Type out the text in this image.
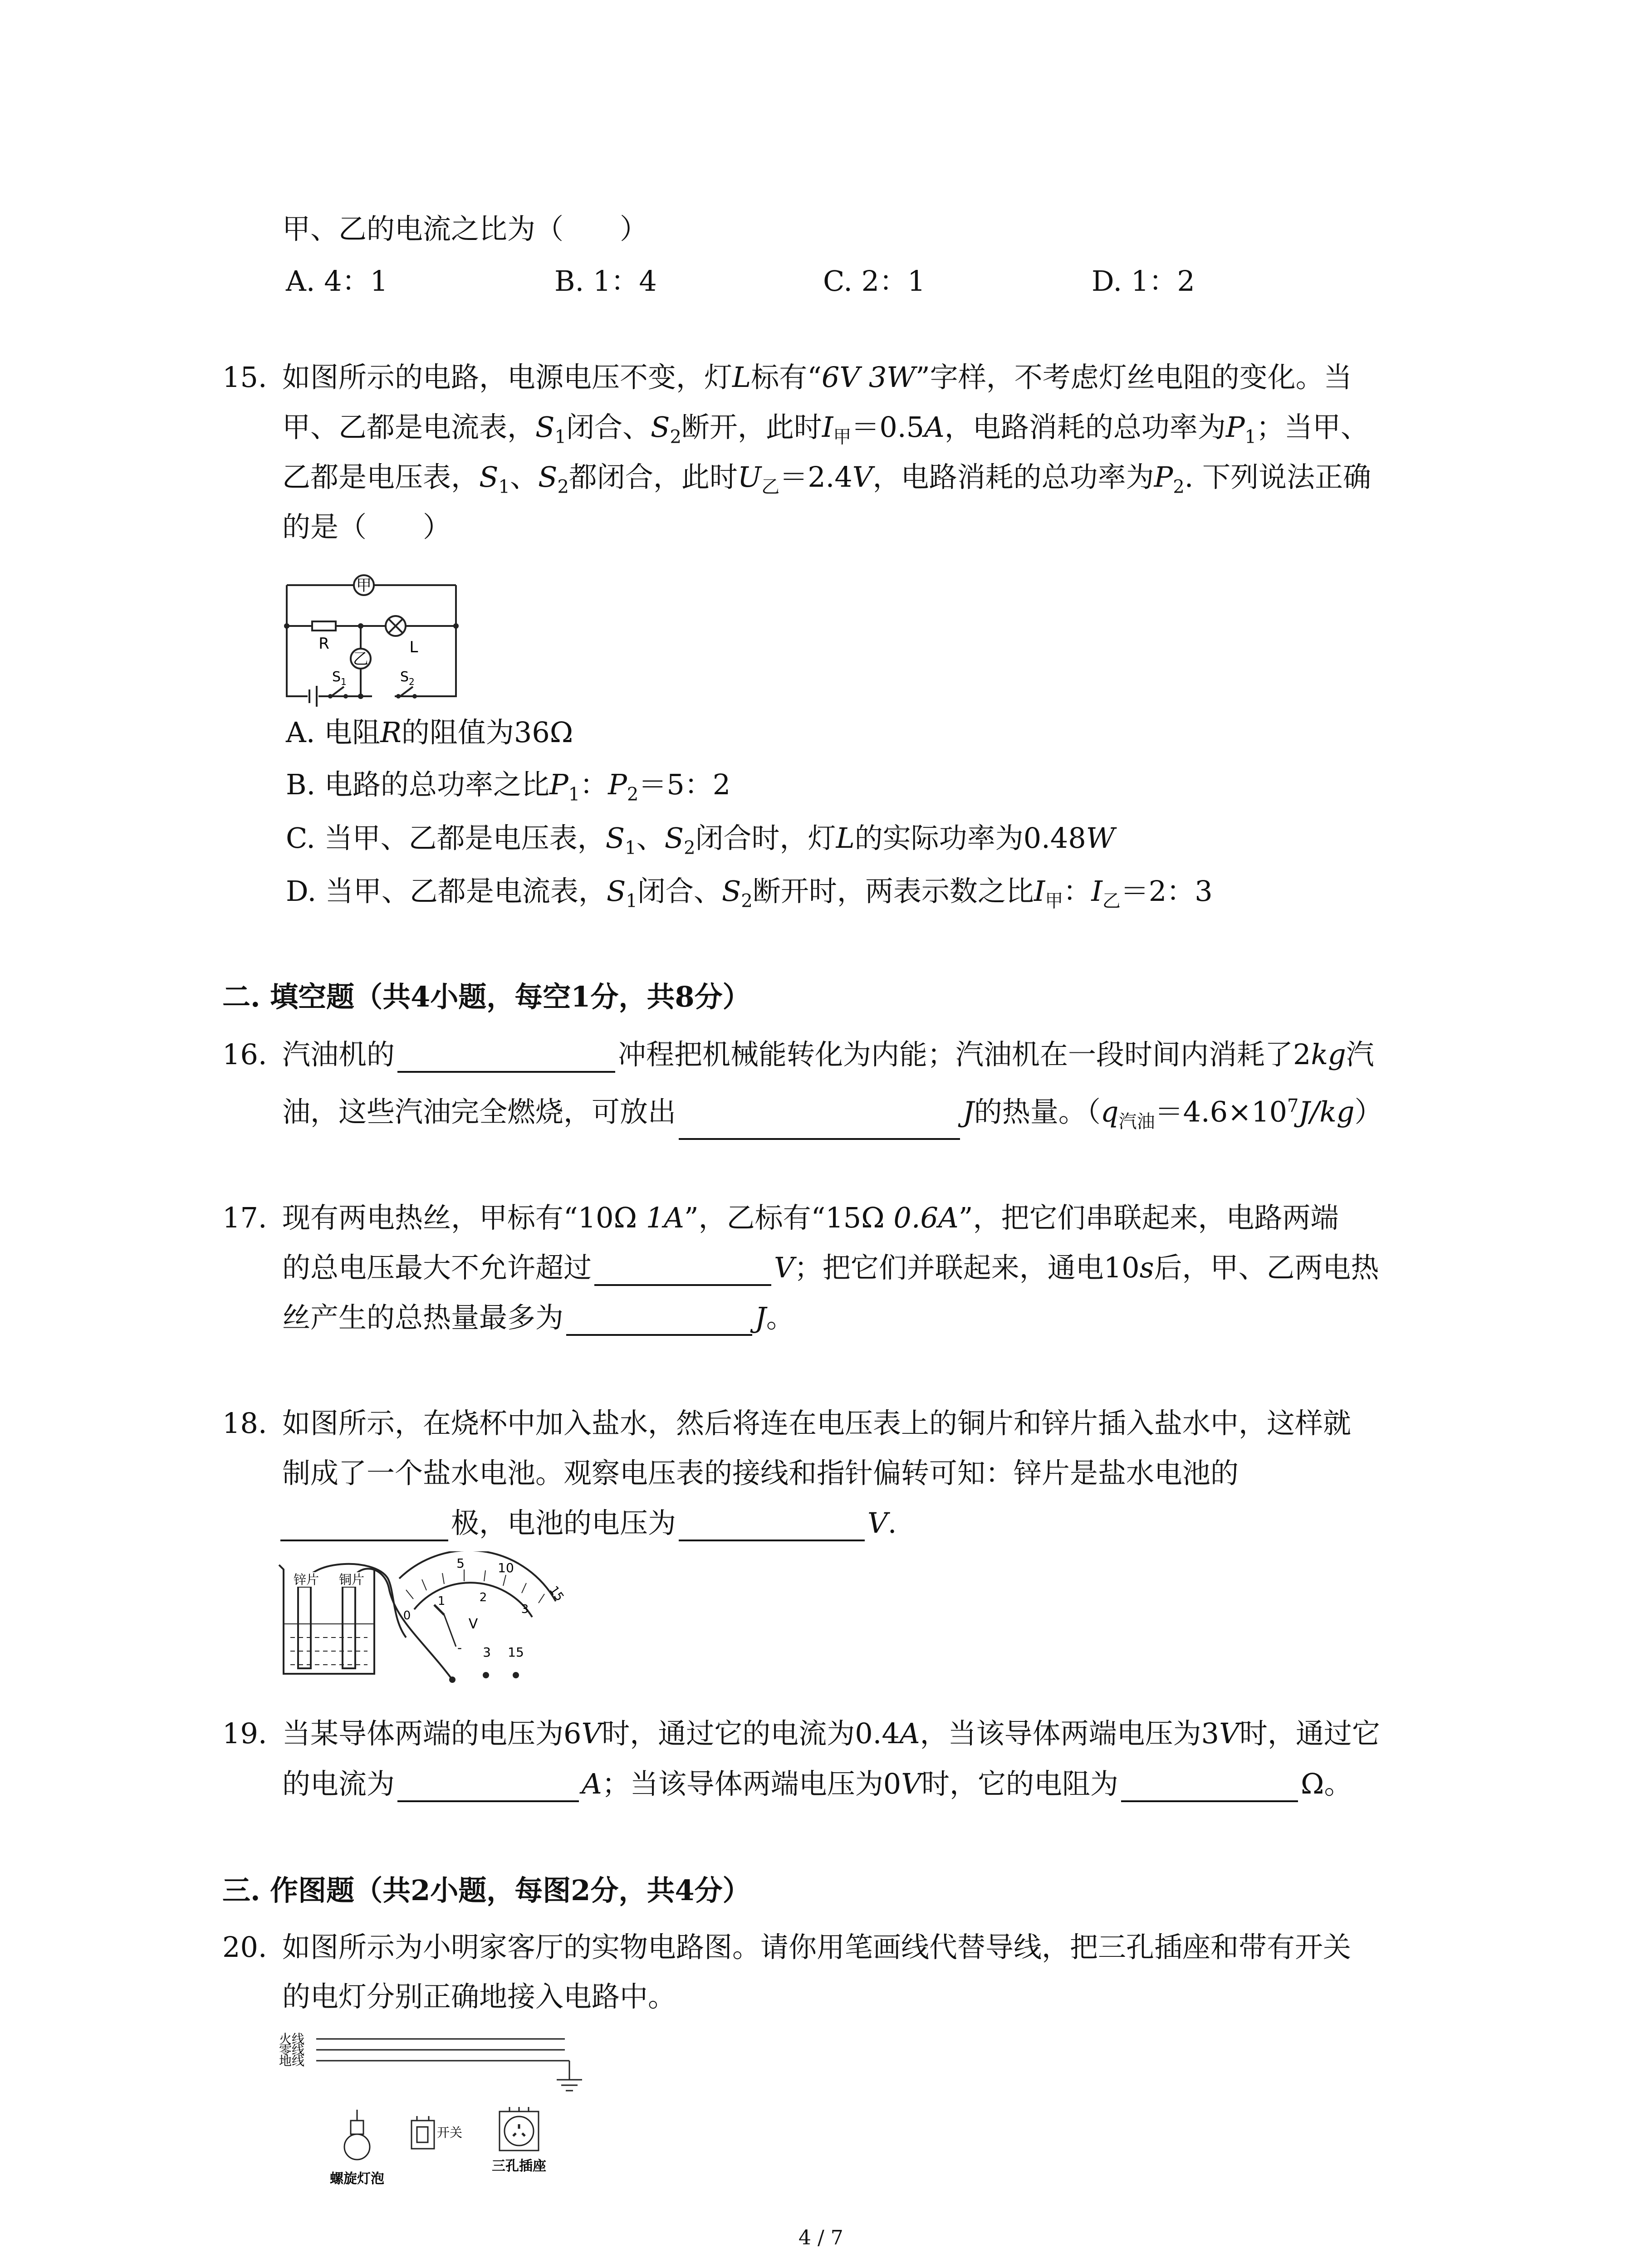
甲、乙的电流之比为（　　）
A. 4：1	B. 1：4	C. 2：1	D. 1：2
15. 如图所示的电路，电源电压不变，灯L标有“6V 3W”字样，不考虑灯丝电阻的变化。当
甲、乙都是电流表，$S_1$闭合、$S_2$断开，此时$I_甲=0.5A$，电路消耗的总功率为$P_1$；当甲、
乙都是电压表，$S_1$、$S_2$都闭合，此时$U_乙=2.4V$，电路消耗的总功率为$P_2$. 下列说法正确
的是（　　）
甲
乙
R	L
$S_1$	$S_2$
A. 电阻R的阻值为36Ω
B. 电路的总功率之比$P_1$：$P_2=5$：2
C. 当甲、乙都是电压表，$S_1$、$S_2$闭合时，灯L的实际功率为0.48W
D. 当甲、乙都是电流表，$S_1$闭合、$S_2$断开时，两表示数之比$I_甲$：$I_乙=2$：3
二. 填空题（共4小题，每空1分，共8分）
16. 汽油机的	冲程把机械能转化为内能；汽油机在一段时间内消耗了2kg汽
油，这些汽油完全燃烧，可放出	J的热量。$(q_{汽油}=4.6\times 10^7J/kg)$
17. 现有两电热丝，甲标有“10Ω 1A”，乙标有“15Ω 0.6A”，把它们串联起来，电路两端
的总电压最大不允许超过	V；把它们并联起来，通电10s后，甲、乙两电热
丝产生的总热量最多为	J。
18. 如图所示，在烧杯中加入盐水，然后将连在电压表上的铜片和锌片插入盐水中，这样就
制成了一个盐水电池。观察电压表的接线和指针偏转可知：锌片是盐水电池的
极，电池的电压为	V.
锌片 铜片
5	10
15
0
1	2
3
V
- 3 15
19. 当某导体两端的电压为6V时，通过它的电流为0.4A，当该导体两端电压为3V时，通过它
的电流为	A；当该导体两端电压为0V时，它的电阻为	Ω。
三. 作图题（共2小题，每图2分，共4分）
20. 如图所示为小明家客厅的实物电路图。请你用笔画线代替导线，把三孔插座和带有开关
的电灯分别正确地接入电路中。
火线
零线
地线
螺旋灯泡
开关
三孔插座
4 / 7
